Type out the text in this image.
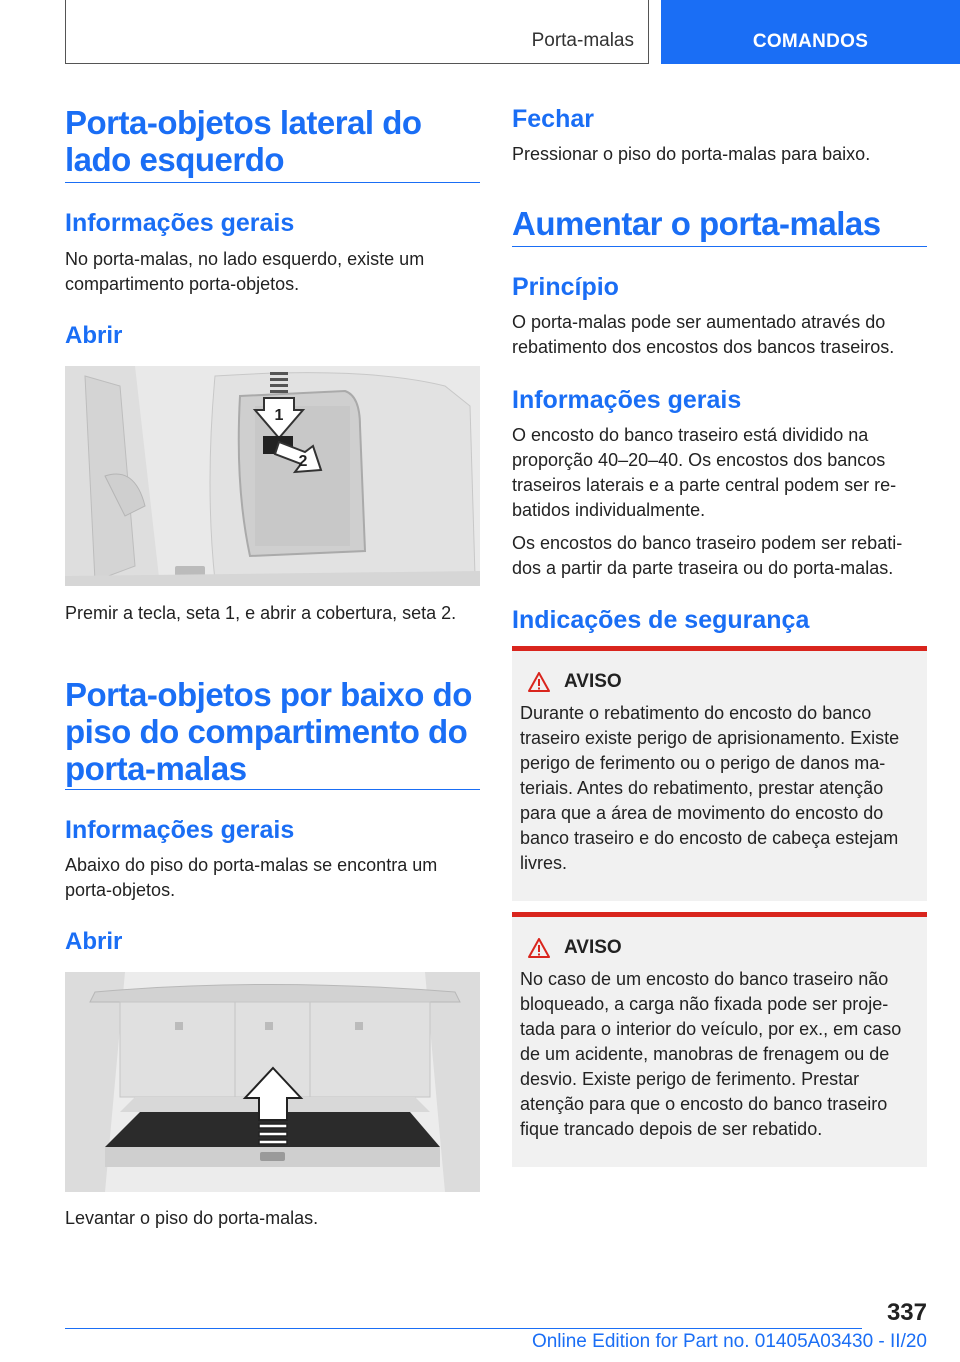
Porta-malas	COMANDOS
Porta-objetos lateral do lado esquerdo
Informações gerais

No porta-malas, no lado esquerdo, existe um compartimento porta-objetos.

Abrir
1
2

Premir a tecla, seta 1, e abrir a cobertura, seta 2.

Porta-objetos por baixo do piso do compartimento do porta-malas
Informações gerais

Abaixo do piso do porta-malas se encontra um porta-objetos.

Abrir

Levantar o piso do porta-malas.

Fechar

Pressionar o piso do porta-malas para baixo.

Aumentar o porta-malas
Princípio

O porta-malas pode ser aumentado através do rebatimento dos encostos dos bancos traseiros.

Informações gerais

O encosto do banco traseiro está dividido na proporção 40–20–40. Os encostos dos bancos traseiros laterais e a parte central podem ser re-batidos individualmente.

Os encostos do banco traseiro podem ser rebati-dos a partir da parte traseira ou do porta-malas.

Indicações de segurança
AVISO

Durante o rebatimento do encosto do banco traseiro existe perigo de aprisionamento. Existe perigo de ferimento ou o perigo de danos ma-teriais. Antes do rebatimento, prestar atenção para que a área de movimento do encosto do banco traseiro e do encosto de cabeça estejam livres.

AVISO

No caso de um encosto do banco traseiro não bloqueado, a carga não fixada pode ser proje-tada para o interior do veículo, por ex., em caso de um acidente, manobras de frenagem ou de desvio. Existe perigo de ferimento. Prestar atenção para que o encosto do banco traseiro fique trancado depois de ser rebatido.

337
Online Edition for Part no. 01405A03430 - II/20
